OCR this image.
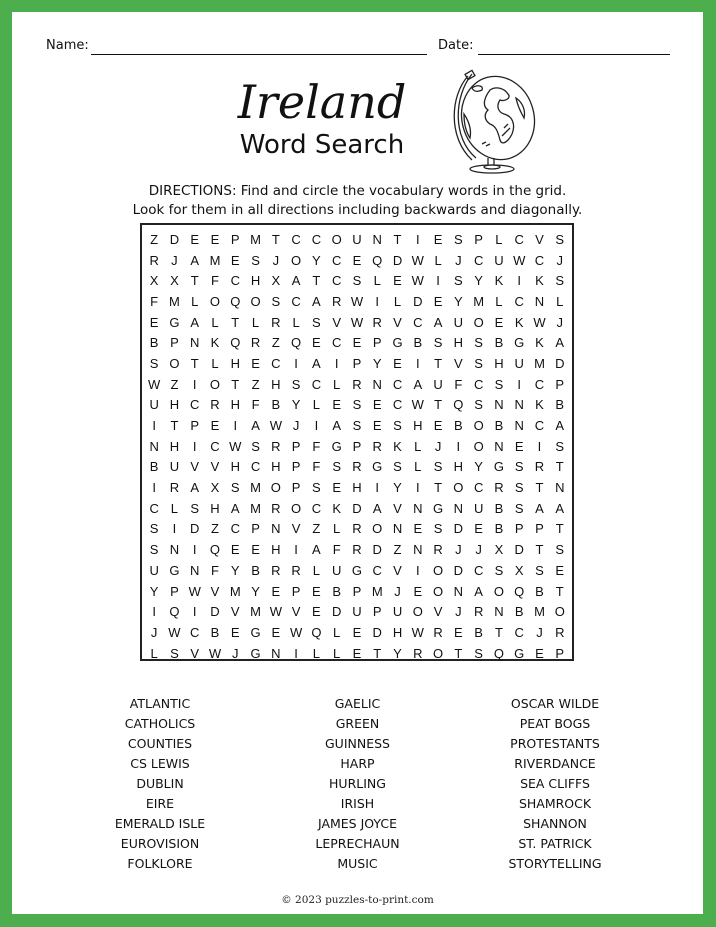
Name:	Date:
Ireland
Word Search
DIRECTIONS: Find and circle the vocabulary words in the grid.
Look for them in all directions including backwards and diagonally.
Z D E E P M T C C O U N T	I	E S P L C V S
R J A M E S J O Y C E Q D W L	J C U W C J
X X T F C H X A T C S L E W I	S Y K	I	K S
F M L O Q O S C A R W I	L D E Y M L C N L
E G A L T L R L S V W R V C A U O E K W J
B P N K Q R Z Q E C E P G B S H S B G K A
S O T L H E C	I	A	I	P Y E	I	T V S H U M D
W Z	I	O T Z H S C L R N C A U F C S	I	C P
U H C R H F B Y L E S E C W T Q S N N K B
I	T P E	I	A W J	I	A S E S H E B O B N C A
N H	I	C W S R P F G P R K L	J	I	O N E	I	S
B U V V H C H P F S R G S L S H Y G S R T
I	R A X S M O P S E H	I	Y	I	T O C R S T N
C L S H A M R O C K D A V N G N U B S A A
S	I	D Z C P N V Z L R O N E S D E B P P T
S N	I	Q E E H	I	A F R D Z N R J	J X D T S
U G N F Y B R R L U G C V	I	O D C S X S E
Y P W V M Y E P E B P M J E O N A O Q B T
I	Q	I	D V M W V E D U P U O V J R N B M O
J W C B E G E W Q L E D H W R E B T C J R
L S V W J G N	I	L	L E T Y R O T S Q G E P
ATLANTIC
CATHOLICS
COUNTIES
CS LEWIS
DUBLIN
EIRE
EMERALD ISLE
EUROVISION
FOLKLORE
GAELIC
GREEN
GUINNESS
HARP
HURLING
IRISH
JAMES JOYCE
LEPRECHAUN
MUSIC
OSCAR WILDE
PEAT BOGS
PROTESTANTS
RIVERDANCE
SEA CLIFFS
SHAMROCK
SHANNON
ST. PATRICK
STORYTELLING
© 2023 puzzles-to-print.com
